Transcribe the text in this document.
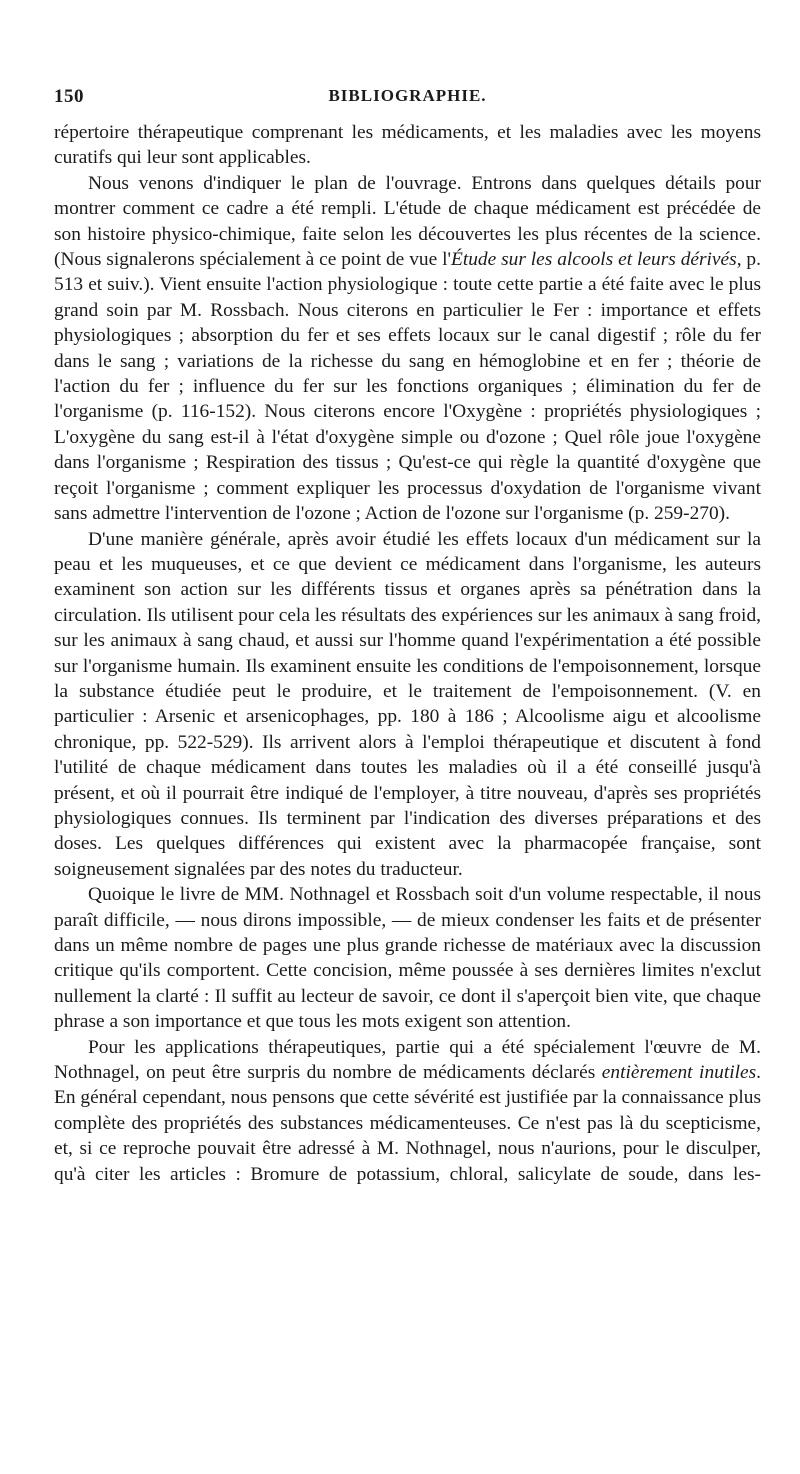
150	BIBLIOGRAPHIE.

répertoire thérapeutique comprenant les médicaments, et les maladies avec les moyens curatifs qui leur sont applicables.

Nous venons d'indiquer le plan de l'ouvrage. Entrons dans quelques détails pour montrer comment ce cadre a été rempli. L'étude de chaque médicament est précédée de son histoire physico-chimique, faite selon les découvertes les plus récentes de la science. (Nous signalerons spécialement à ce point de vue l'Étude sur les alcools et leurs dérivés, p. 513 et suiv.). Vient ensuite l'action physiologique : toute cette partie a été faite avec le plus grand soin par M. Rossbach. Nous citerons en particulier le Fer : importance et effets physiologiques ; absorption du fer et ses effets locaux sur le canal digestif ; rôle du fer dans le sang ; variations de la richesse du sang en hémoglobine et en fer ; théorie de l'action du fer ; influence du fer sur les fonctions organiques ; élimination du fer de l'organisme (p. 116-152). Nous citerons encore l'Oxygène : propriétés physiologiques ; L'oxygène du sang est-il à l'état d'oxygène simple ou d'ozone ; Quel rôle joue l'oxygène dans l'organisme ; Respiration des tissus ; Qu'est-ce qui règle la quantité d'oxygène que reçoit l'organisme ; comment expliquer les processus d'oxydation de l'organisme vivant sans admettre l'intervention de l'ozone ; Action de l'ozone sur l'organisme (p. 259-270).

D'une manière générale, après avoir étudié les effets locaux d'un médicament sur la peau et les muqueuses, et ce que devient ce médicament dans l'organisme, les auteurs examinent son action sur les différents tissus et organes après sa pénétration dans la circulation. Ils utilisent pour cela les résultats des expériences sur les animaux à sang froid, sur les animaux à sang chaud, et aussi sur l'homme quand l'expérimentation a été possible sur l'organisme humain. Ils examinent ensuite les conditions de l'empoisonnement, lorsque la substance étudiée peut le produire, et le traitement de l'empoisonnement. (V. en particulier : Arsenic et arsenicophages, pp. 180 à 186 ; Alcoolisme aigu et alcoolisme chronique, pp. 522-529). Ils arrivent alors à l'emploi thérapeutique et discutent à fond l'utilité de chaque médicament dans toutes les maladies où il a été conseillé jusqu'à présent, et où il pourrait être indiqué de l'employer, à titre nouveau, d'après ses propriétés physiologiques connues. Ils terminent par l'indication des diverses préparations et des doses. Les quelques différences qui existent avec la pharmacopée française, sont soigneusement signalées par des notes du traducteur.

Quoique le livre de MM. Nothnagel et Rossbach soit d'un volume respectable, il nous paraît difficile, — nous dirons impossible, — de mieux condenser les faits et de présenter dans un même nombre de pages une plus grande richesse de matériaux avec la discussion critique qu'ils comportent. Cette concision, même poussée à ses dernières limites n'exclut nullement la clarté : Il suffit au lecteur de savoir, ce dont il s'aperçoit bien vite, que chaque phrase a son importance et que tous les mots exigent son attention.

Pour les applications thérapeutiques, partie qui a été spécialement l'œuvre de M. Nothnagel, on peut être surpris du nombre de médicaments déclarés entièrement inutiles. En général cependant, nous pensons que cette sévérité est justifiée par la connaissance plus complète des propriétés des substances médicamenteuses. Ce n'est pas là du scepticisme, et, si ce reproche pouvait être adressé à M. Nothnagel, nous n'aurions, pour le disculper, qu'à citer les articles : Bromure de potassium, chloral, salicylate de soude, dans les-
